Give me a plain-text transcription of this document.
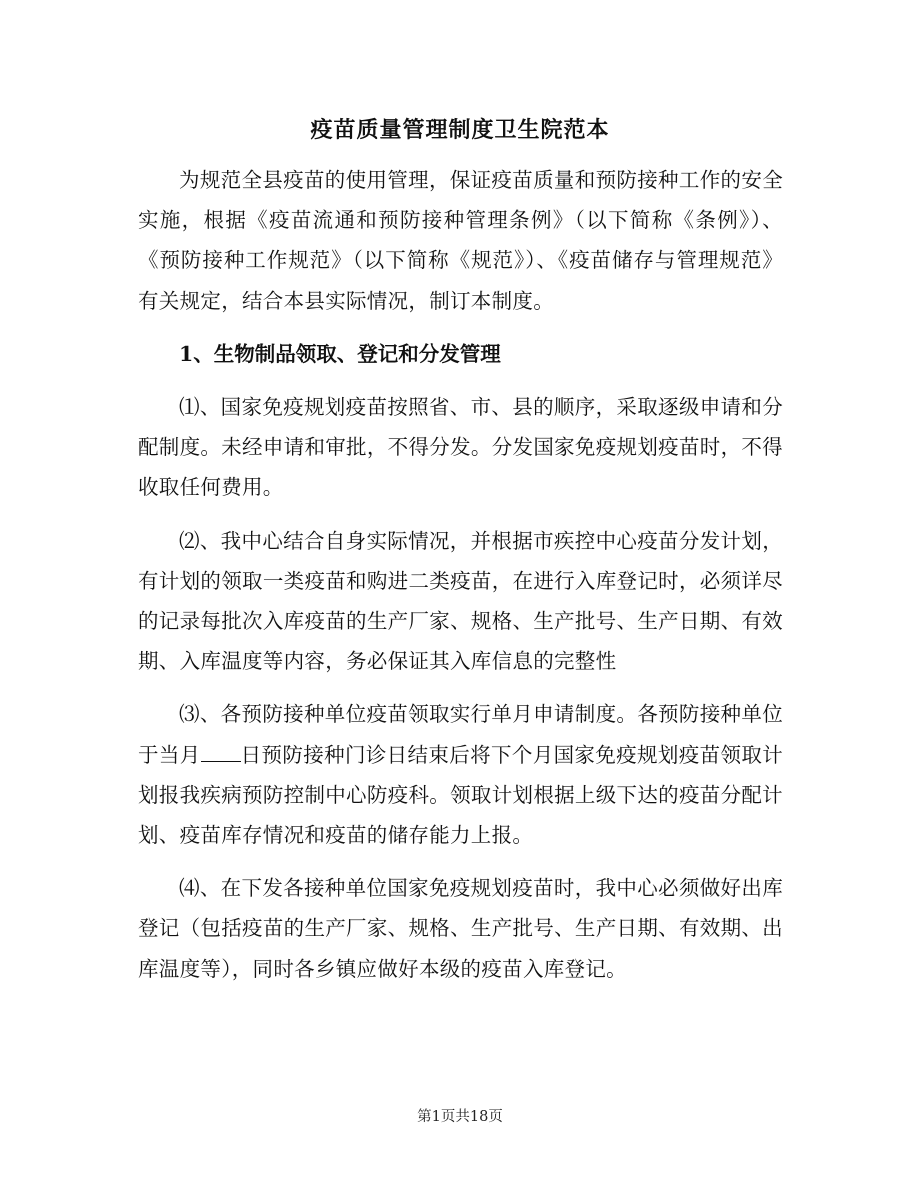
疫苗质量管理制度卫生院范本

为规范全县疫苗的使用管理，保证疫苗质量和预防接种工作的安全实施，根据《疫苗流通和预防接种管理条例》（以下简称《条例》）、《预防接种工作规范》（以下简称《规范》）、《疫苗储存与管理规范》有关规定，结合本县实际情况，制订本制度。

1、生物制品领取、登记和分发管理

⑴、国家免疫规划疫苗按照省、市、县的顺序，采取逐级申请和分配制度。未经申请和审批，不得分发。分发国家免疫规划疫苗时，不得收取任何费用。

⑵、我中心结合自身实际情况，并根据市疾控中心疫苗分发计划，有计划的领取一类疫苗和购进二类疫苗，在进行入库登记时，必须详尽的记录每批次入库疫苗的生产厂家、规格、生产批号、生产日期、有效期、入库温度等内容，务必保证其入库信息的完整性

⑶、各预防接种单位疫苗领取实行单月申请制度。各预防接种单位于当月 日预防接种门诊日结束后将下个月国家免疫规划疫苗领取计划报我疾病预防控制中心防疫科。领取计划根据上级下达的疫苗分配计划、疫苗库存情况和疫苗的储存能力上报。

⑷、在下发各接种单位国家免疫规划疫苗时，我中心必须做好出库登记（包括疫苗的生产厂家、规格、生产批号、生产日期、有效期、出库温度等），同时各乡镇应做好本级的疫苗入库登记。

第1页共18页
